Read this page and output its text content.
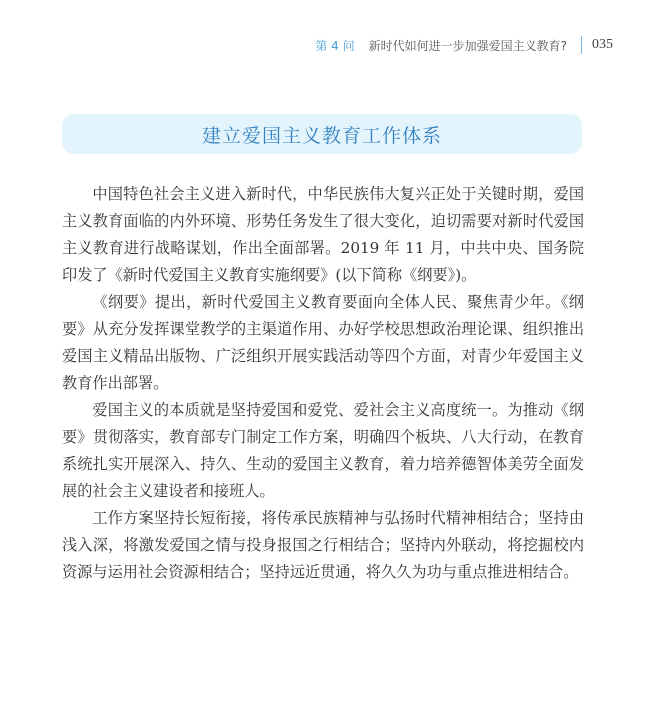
第 4 问 新时代如何进一步加强爱国主义教育? 035
建立爱国主义教育工作体系

中国特色社会主义进入新时代，中华民族伟大复兴正处于关键时期，爱国主义教育面临的内外环境、形势任务发生了很大变化，迫切需要对新时代爱国主义教育进行战略谋划，作出全面部署。2019 年 11 月，中共中央、国务院印发了《新时代爱国主义教育实施纲要》(以下简称《纲要》)。

《纲要》提出，新时代爱国主义教育要面向全体人民、聚焦青少年。《纲要》从充分发挥课堂教学的主渠道作用、办好学校思想政治理论课、组织推出爱国主义精品出版物、广泛组织开展实践活动等四个方面，对青少年爱国主义教育作出部署。

爱国主义的本质就是坚持爱国和爱党、爱社会主义高度统一。为推动《纲要》贯彻落实，教育部专门制定工作方案，明确四个板块、八大行动，在教育系统扎实开展深入、持久、生动的爱国主义教育，着力培养德智体美劳全面发展的社会主义建设者和接班人。

工作方案坚持长短衔接，将传承民族精神与弘扬时代精神相结合；坚持由浅入深，将激发爱国之情与投身报国之行相结合；坚持内外联动，将挖掘校内资源与运用社会资源相结合；坚持远近贯通，将久久为功与重点推进相结合。
